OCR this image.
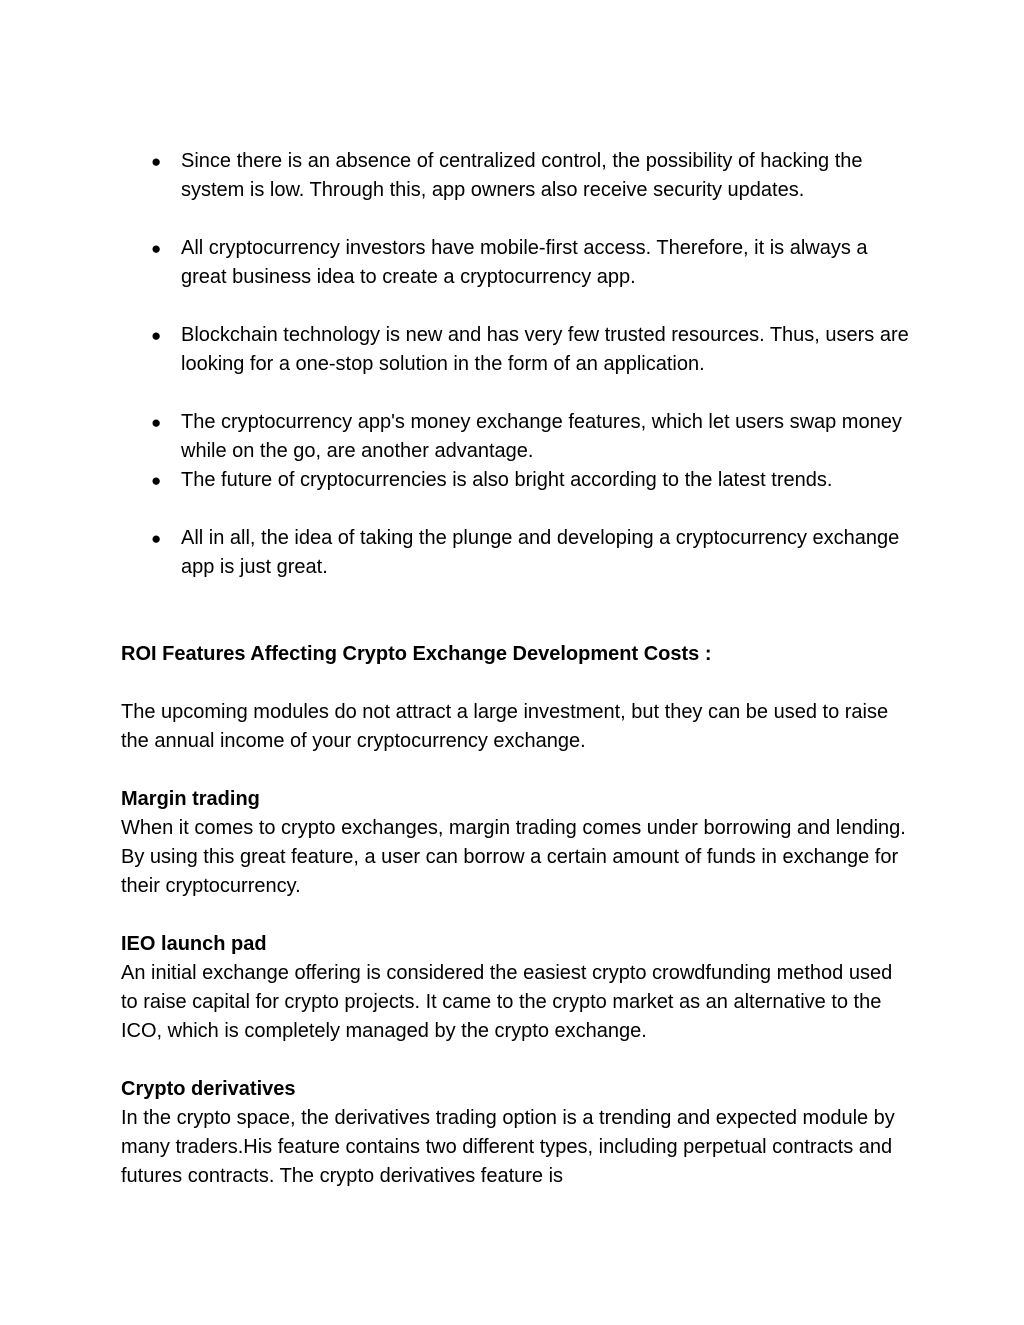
● Since there is an absence of centralized control, the possibility of hacking the system is low. Through this, app owners also receive security updates.
● All cryptocurrency investors have mobile-first access. Therefore, it is always a great business idea to create a cryptocurrency app.
● Blockchain technology is new and has very few trusted resources. Thus, users are looking for a one-stop solution in the form of an application.
● The cryptocurrency app's money exchange features, which let users swap money while on the go, are another advantage.
● The future of cryptocurrencies is also bright according to the latest trends.
● All in all, the idea of taking the plunge and developing a cryptocurrency exchange app is just great.

ROI Features Affecting Crypto Exchange Development Costs :

The upcoming modules do not attract a large investment, but they can be used to raise the annual income of your cryptocurrency exchange.

Margin trading

When it comes to crypto exchanges, margin trading comes under borrowing and lending. By using this great feature, a user can borrow a certain amount of funds in exchange for their cryptocurrency.

IEO launch pad

An initial exchange offering is considered the easiest crypto crowdfunding method used to raise capital for crypto projects. It came to the crypto market as an alternative to the ICO, which is completely managed by the crypto exchange.

Crypto derivatives

In the crypto space, the derivatives trading option is a trending and expected module by many traders.His feature contains two different types, including perpetual contracts and futures contracts. The crypto derivatives feature is
